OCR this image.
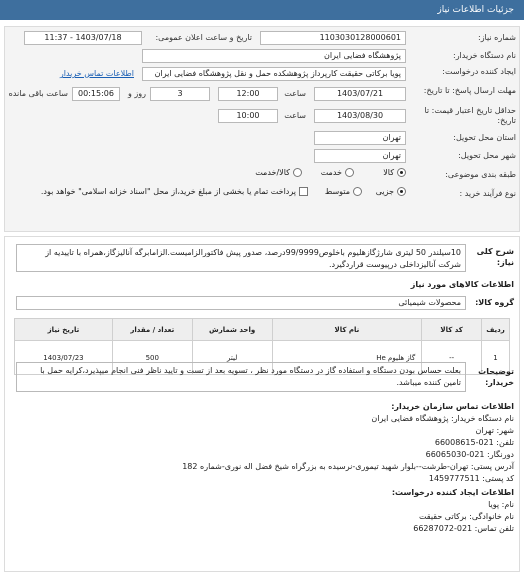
جزئیات اطلاعات نیاز
شماره نیاز:
1103030128000601
تاریخ و ساعت اعلان عمومی:
1403/07/18 - 11:37
نام دستگاه خریدار:
پژوهشگاه فضایی ایران
ایجاد کننده درخواست:
پویا برکاتی حقیقت کارپرداز پژوهشکده حمل و نقل پژوهشگاه فضایی ایران
اطلاعات تماس خریدار
مهلت ارسال پاسخ: تا تاریخ:
1403/07/21
ساعت
12:00
3
روز و
00:15:06
ساعت باقی مانده
حداقل تاریخ اعتبار قیمت: تا تاریخ:
1403/08/30
ساعت
10:00
استان محل تحویل:
تهران
شهر محل تحویل:
تهران
طبقه بندی موضوعی:
کالا
خدمت
کالا/خدمت
نوع فرآیند خرید :
جزیی
متوسط
پرداخت تمام یا بخشی از مبلغ خرید،از محل "اسناد خزانه اسلامی" خواهد بود.
شرح کلی نیاز:
10سیلندر 50 لیتری شارژگازهلیوم باخلوص99/9999درصد، صدور پیش فاکتورالزامیست.الزامابرگه آنالیزگاز،همراه با تاییدیه از شرکت آنالیزداخلی درپیوست قراردگیرد.
اطلاعات کالاهای مورد نیاز
گروه کالا:
محصولات شیمیائی
ردیف	کد کالا	نام کالا	واحد شمارش	تعداد / مقدار	تاریخ نیاز
1	--	گاز هلیوم He	لیتر	500	1403/07/23
توضیحات خریدار:
بعلت حساس بودن دستگاه و استفاده گاز در دستگاه مورد نظر ، تسویه بعد از تست و تایید ناظر فنی انجام میپذیرد،کرایه حمل با تامین کننده میباشد.
اطلاعات تماس سازمان خریدار:
نام دستگاه خریدار: پژوهشگاه فضایی ایران
شهر: تهران
تلفن: 021-66008615
دورنگار: 021-66065030
آدرس پستی: تهران-طرشت--بلوار شهید تیموری-نرسیده به بزرگراه شیخ فضل اله نوری-شماره 182
کد پستی: 1459777511
اطلاعات ایجاد کننده درخواست:
نام: پویا
نام خانوادگی: برکاتی حقیقت
تلفن تماس: 021-66287072
